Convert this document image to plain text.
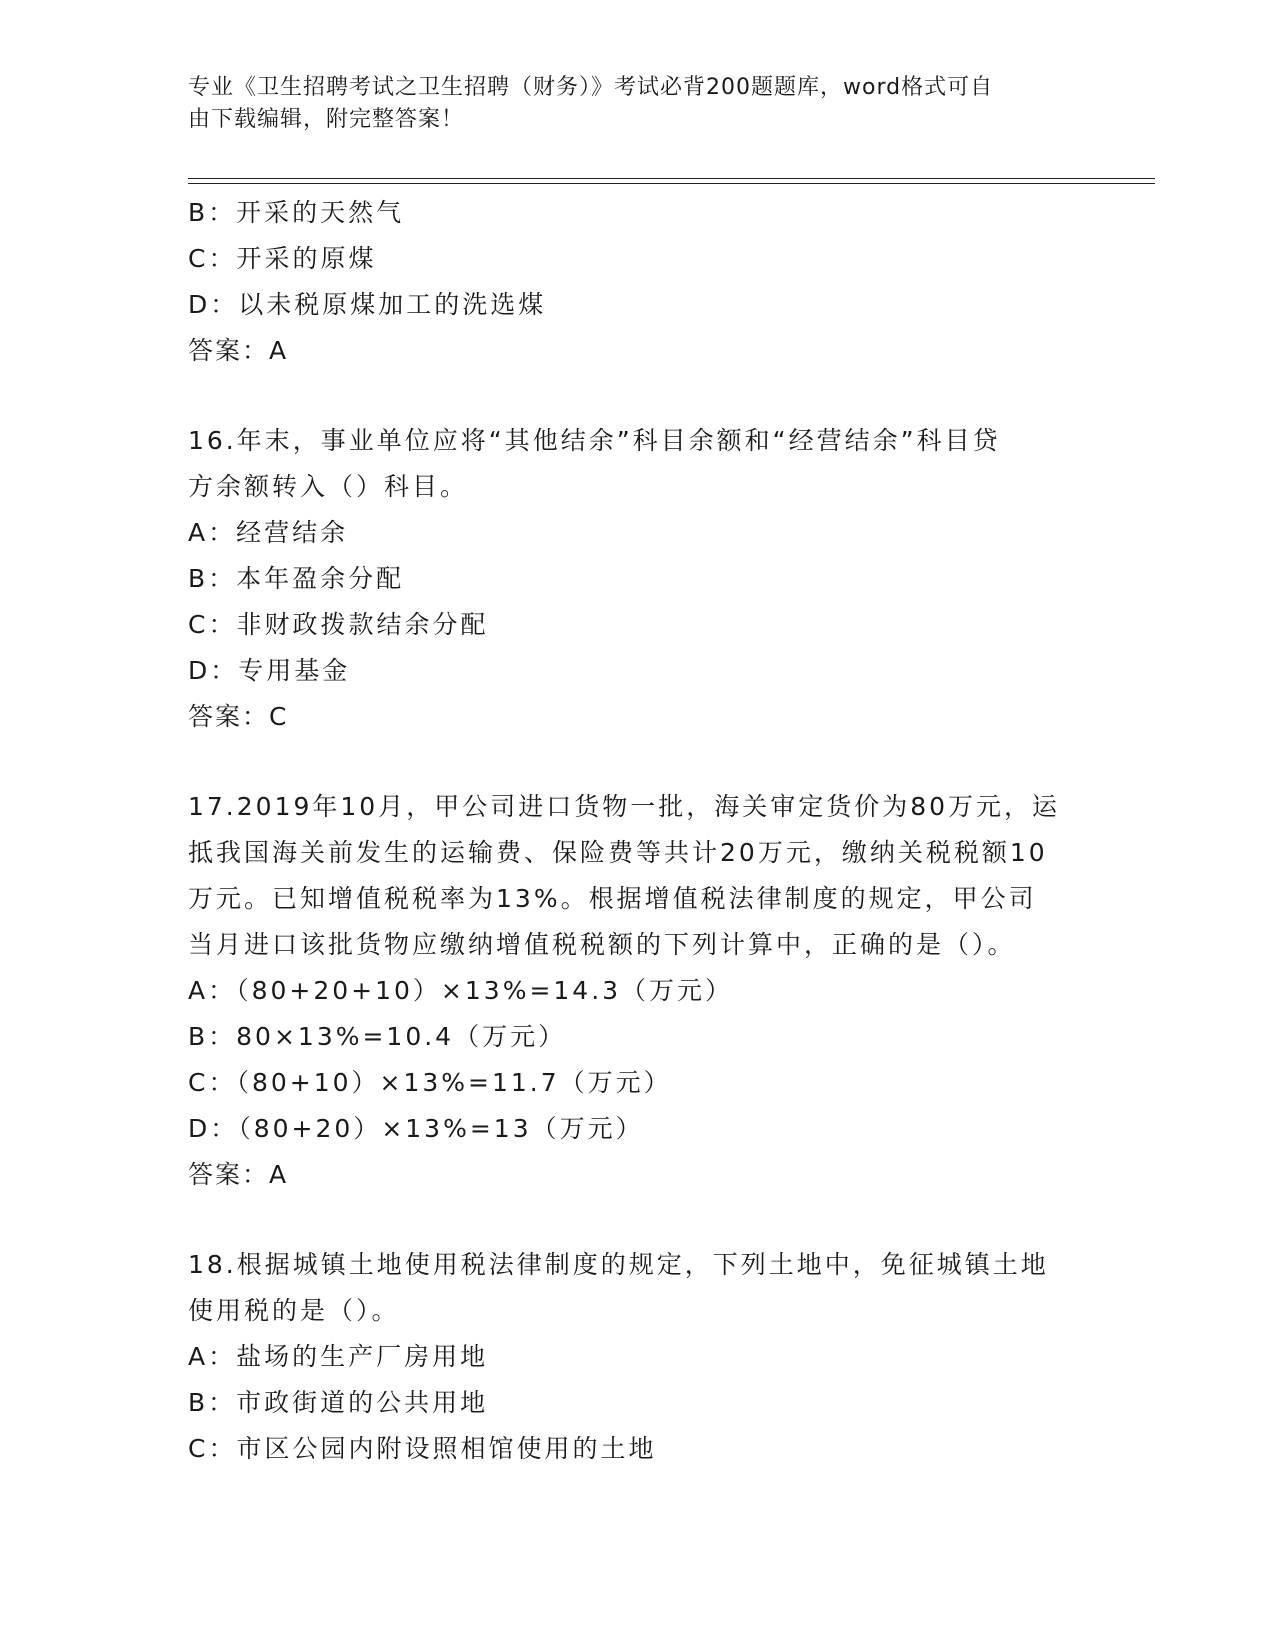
专业《卫生招聘考试之卫生招聘（财务）》考试必背200题题库，word格式可自
由下载编辑，附完整答案！
B：开采的天然气
C：开采的原煤
D：以未税原煤加工的洗选煤
答案：A
16.年末，事业单位应将“其他结余”科目余额和“经营结余”科目贷
方余额转入（）科目。
A：经营结余
B：本年盈余分配
C：非财政拨款结余分配
D：专用基金
答案：C
17.2019年10月，甲公司进口货物一批，海关审定货价为80万元，运
抵我国海关前发生的运输费、保险费等共计20万元，缴纳关税税额10
万元。已知增值税税率为13%。根据增值税法律制度的规定，甲公司
当月进口该批货物应缴纳增值税税额的下列计算中，正确的是（）。
A：（80+20+10）×13%=14.3（万元）
B：80×13%=10.4（万元）
C：（80+10）×13%=11.7（万元）
D：（80+20）×13%=13（万元）
答案：A
18.根据城镇土地使用税法律制度的规定，下列土地中，免征城镇土地
使用税的是（）。
A：盐场的生产厂房用地
B：市政街道的公共用地
C：市区公园内附设照相馆使用的土地
